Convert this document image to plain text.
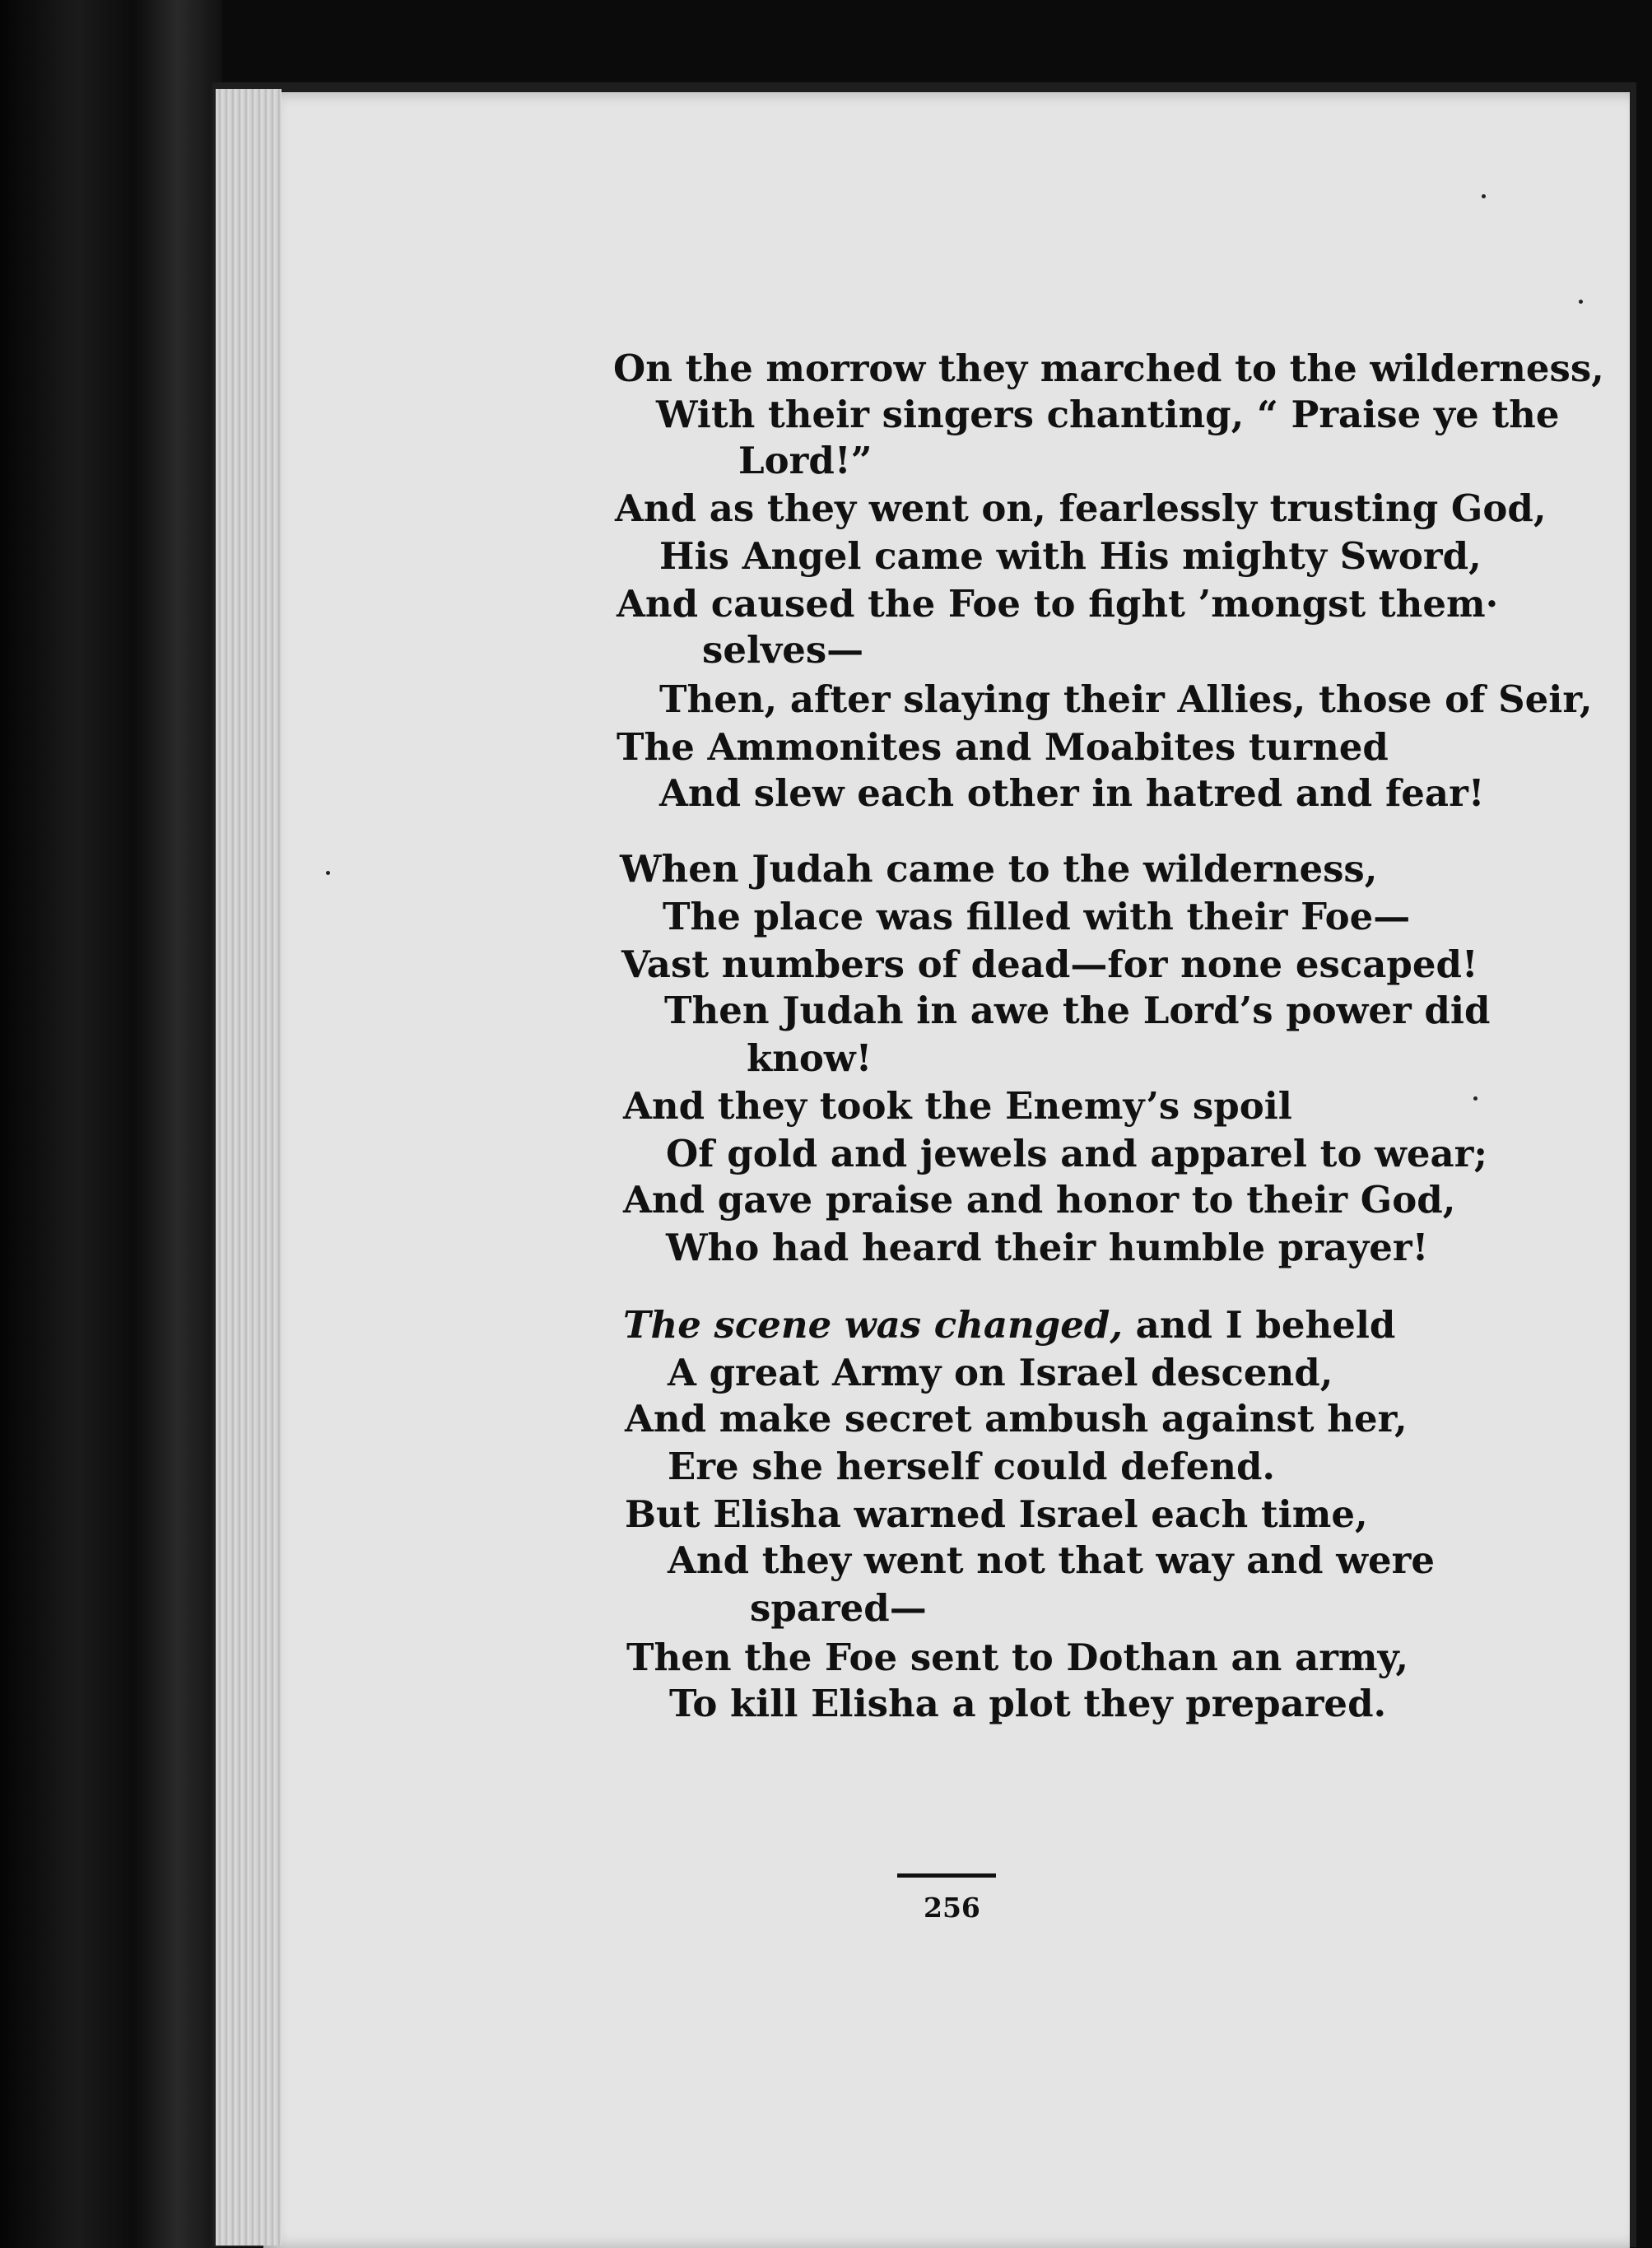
On the morrow they marched to the wilderness,
With their singers chanting, “ Praise ye the
Lord!”
And as they went on, fearlessly trusting God,
His Angel came with His mighty Sword,
And caused the Foe to fight ’mongst them·
selves—
Then, after slaying their Allies, those of Seir,
The Ammonites and Moabites turned
And slew each other in hatred and fear!
When Judah came to the wilderness,
The place was filled with their Foe—
Vast numbers of dead—for none escaped!
Then Judah in awe the Lord’s power did
know!
And they took the Enemy’s spoil
Of gold and jewels and apparel to wear;
And gave praise and honor to their God,
Who had heard their humble prayer!
The scene was changed, and I beheld
A great Army on Israel descend,
And make secret ambush against her,
Ere she herself could defend.
But Elisha warned Israel each time,
And they went not that way and were
spared—
Then the Foe sent to Dothan an army,
To kill Elisha a plot they prepared.
256
